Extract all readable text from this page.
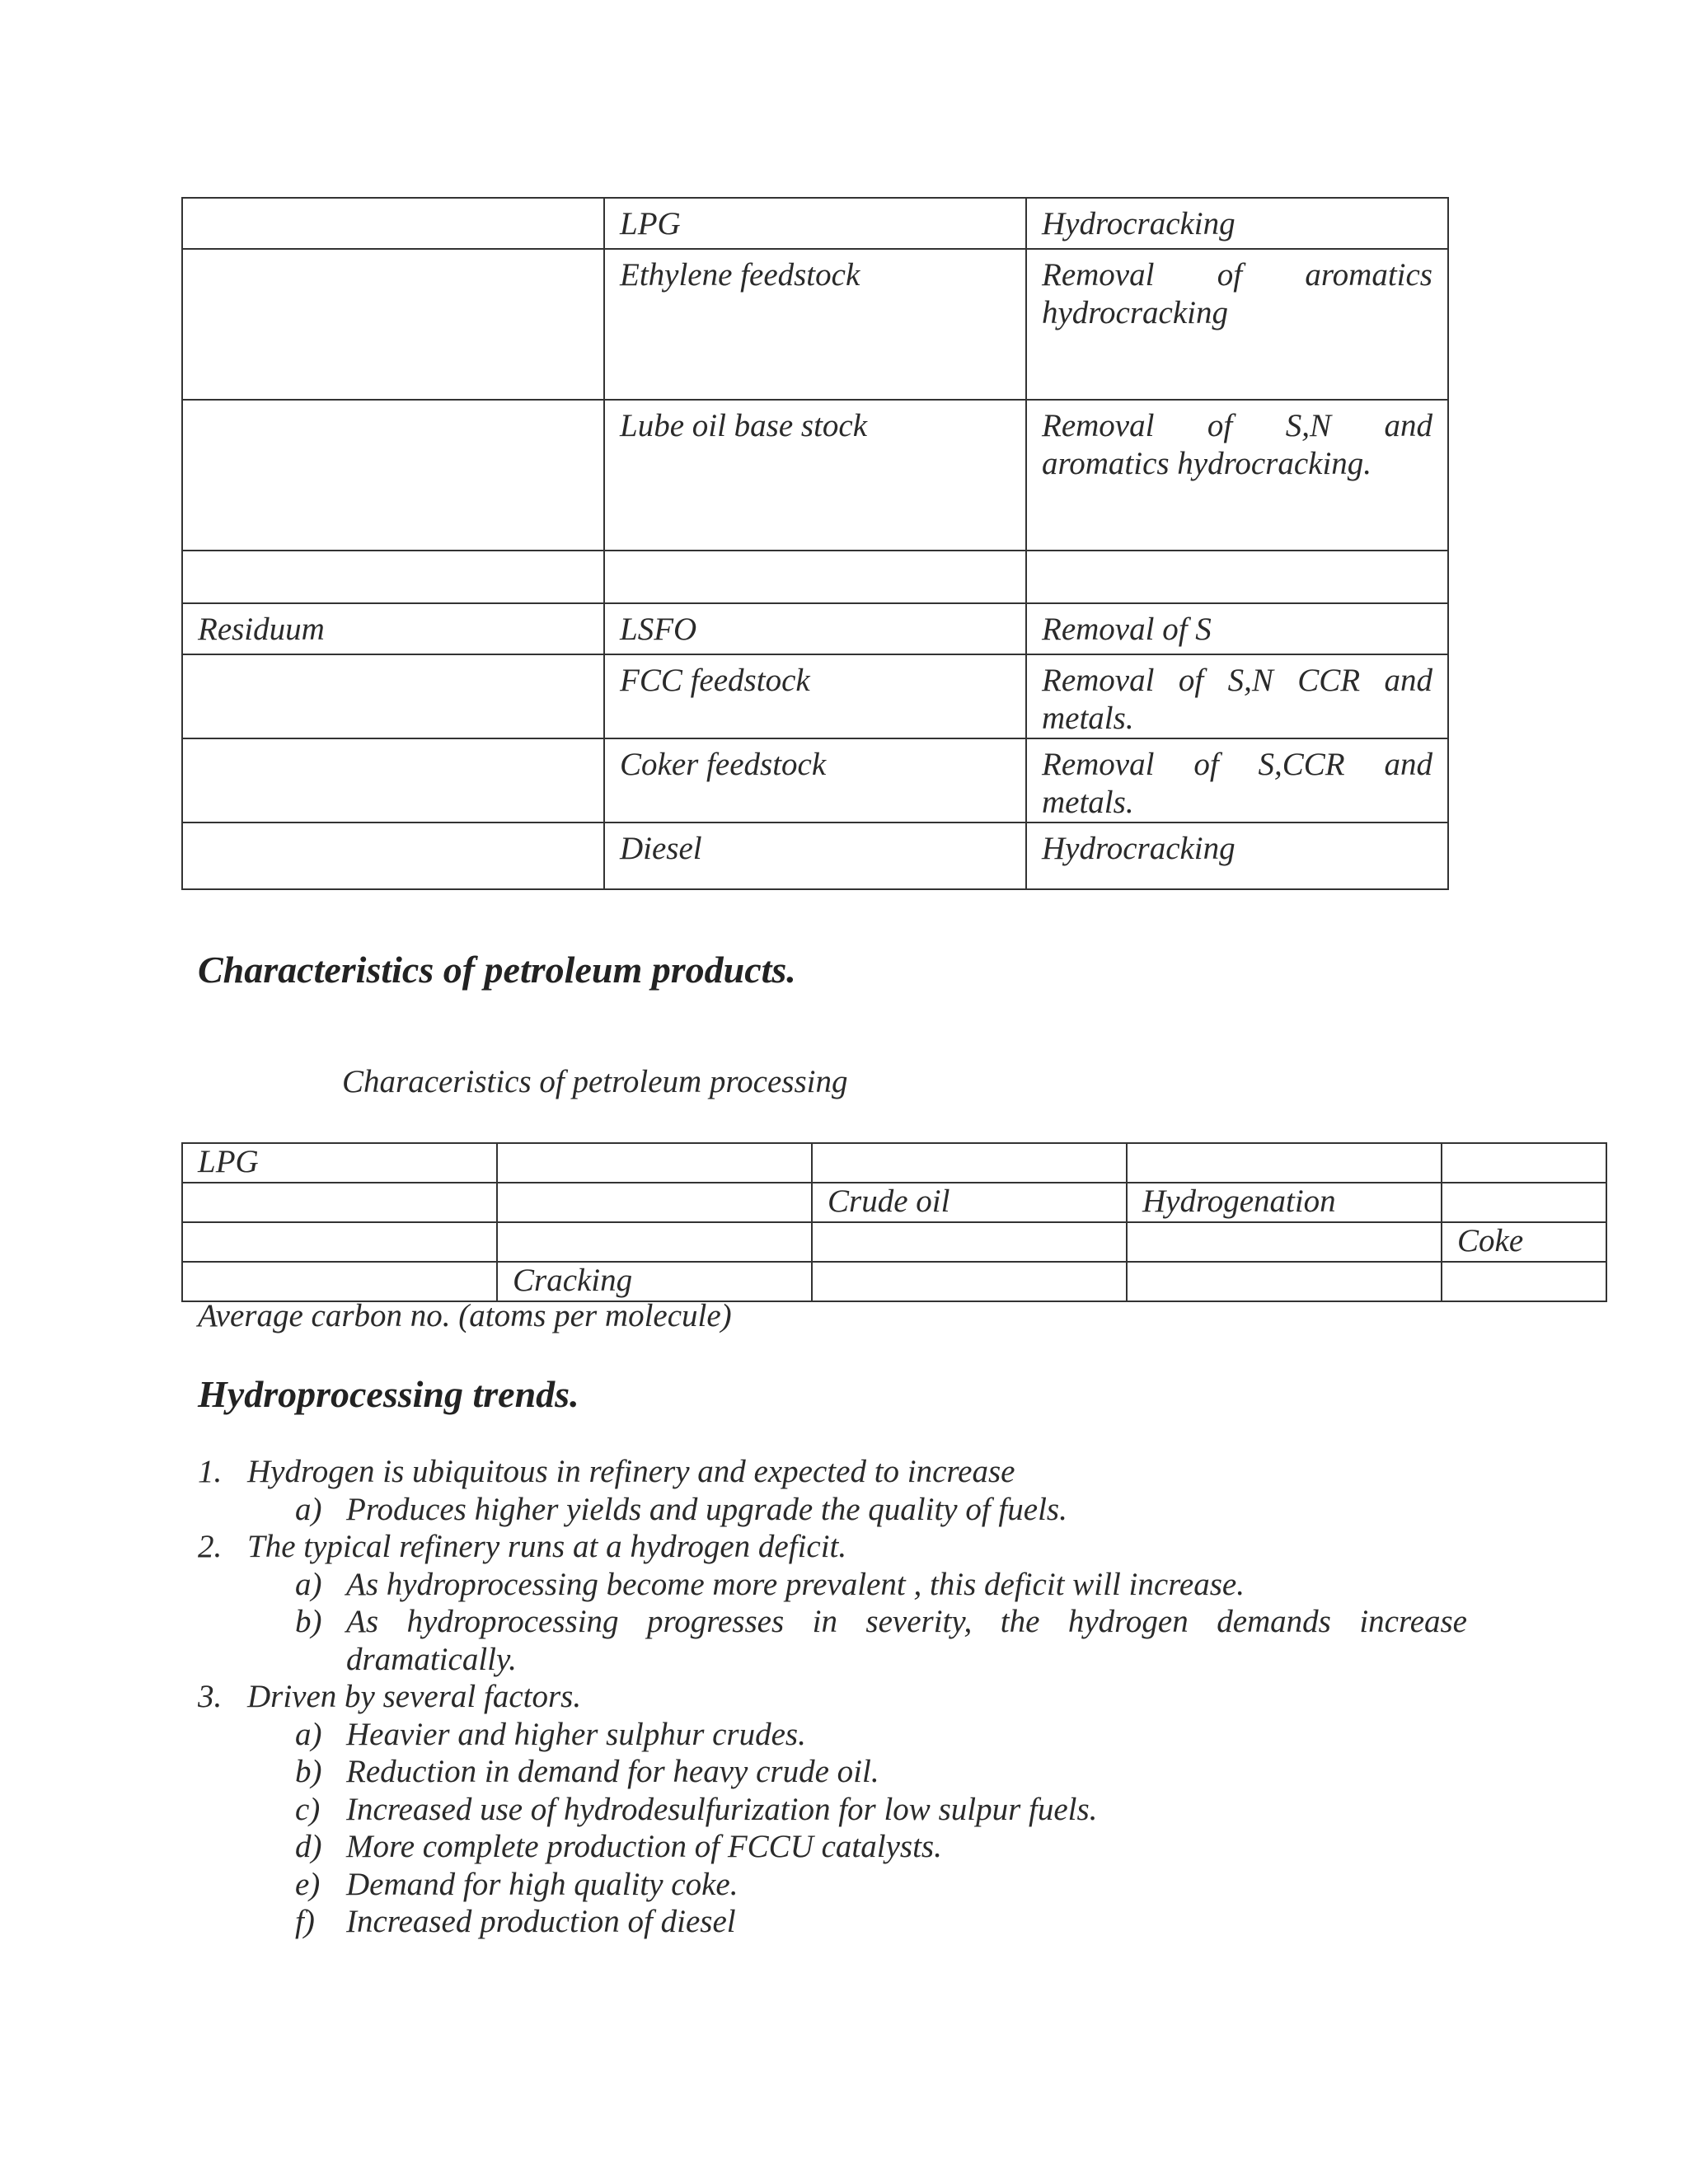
	LPG	Hydrocracking
	Ethylene feedstock	Removal of aromatics hydrocracking
	Lube oil base stock	Removal of S,N and aromatics hydrocracking.

Residuum	LSFO	Removal of S
	FCC feedstock	Removal of S,N CCR and metals.
	Coker feedstock	Removal of S,CCR and metals.
	Diesel	Hydrocracking
Characteristics of petroleum products.

Characeristics of petroleum processing

LPG				
		Crude oil	Hydrogenation	
				Coke
	Cracking			

Average carbon no. (atoms per molecule)

Hydroprocessing trends.
1. Hydrogen is ubiquitous in refinery and expected to increase
a) Produces higher yields and upgrade the quality of fuels.
2. The typical refinery runs at a hydrogen deficit.
a) As hydroprocessing become more prevalent , this deficit will increase.
b) As hydroprocessing progresses in severity, the hydrogen demands increase dramatically.
3. Driven by several factors.
a) Heavier and higher sulphur crudes.
b) Reduction in demand for heavy crude oil.
c) Increased use of hydrodesulfurization for low sulpur fuels.
d) More complete production of FCCU catalysts.
e) Demand for high quality coke.
f) Increased production of diesel
